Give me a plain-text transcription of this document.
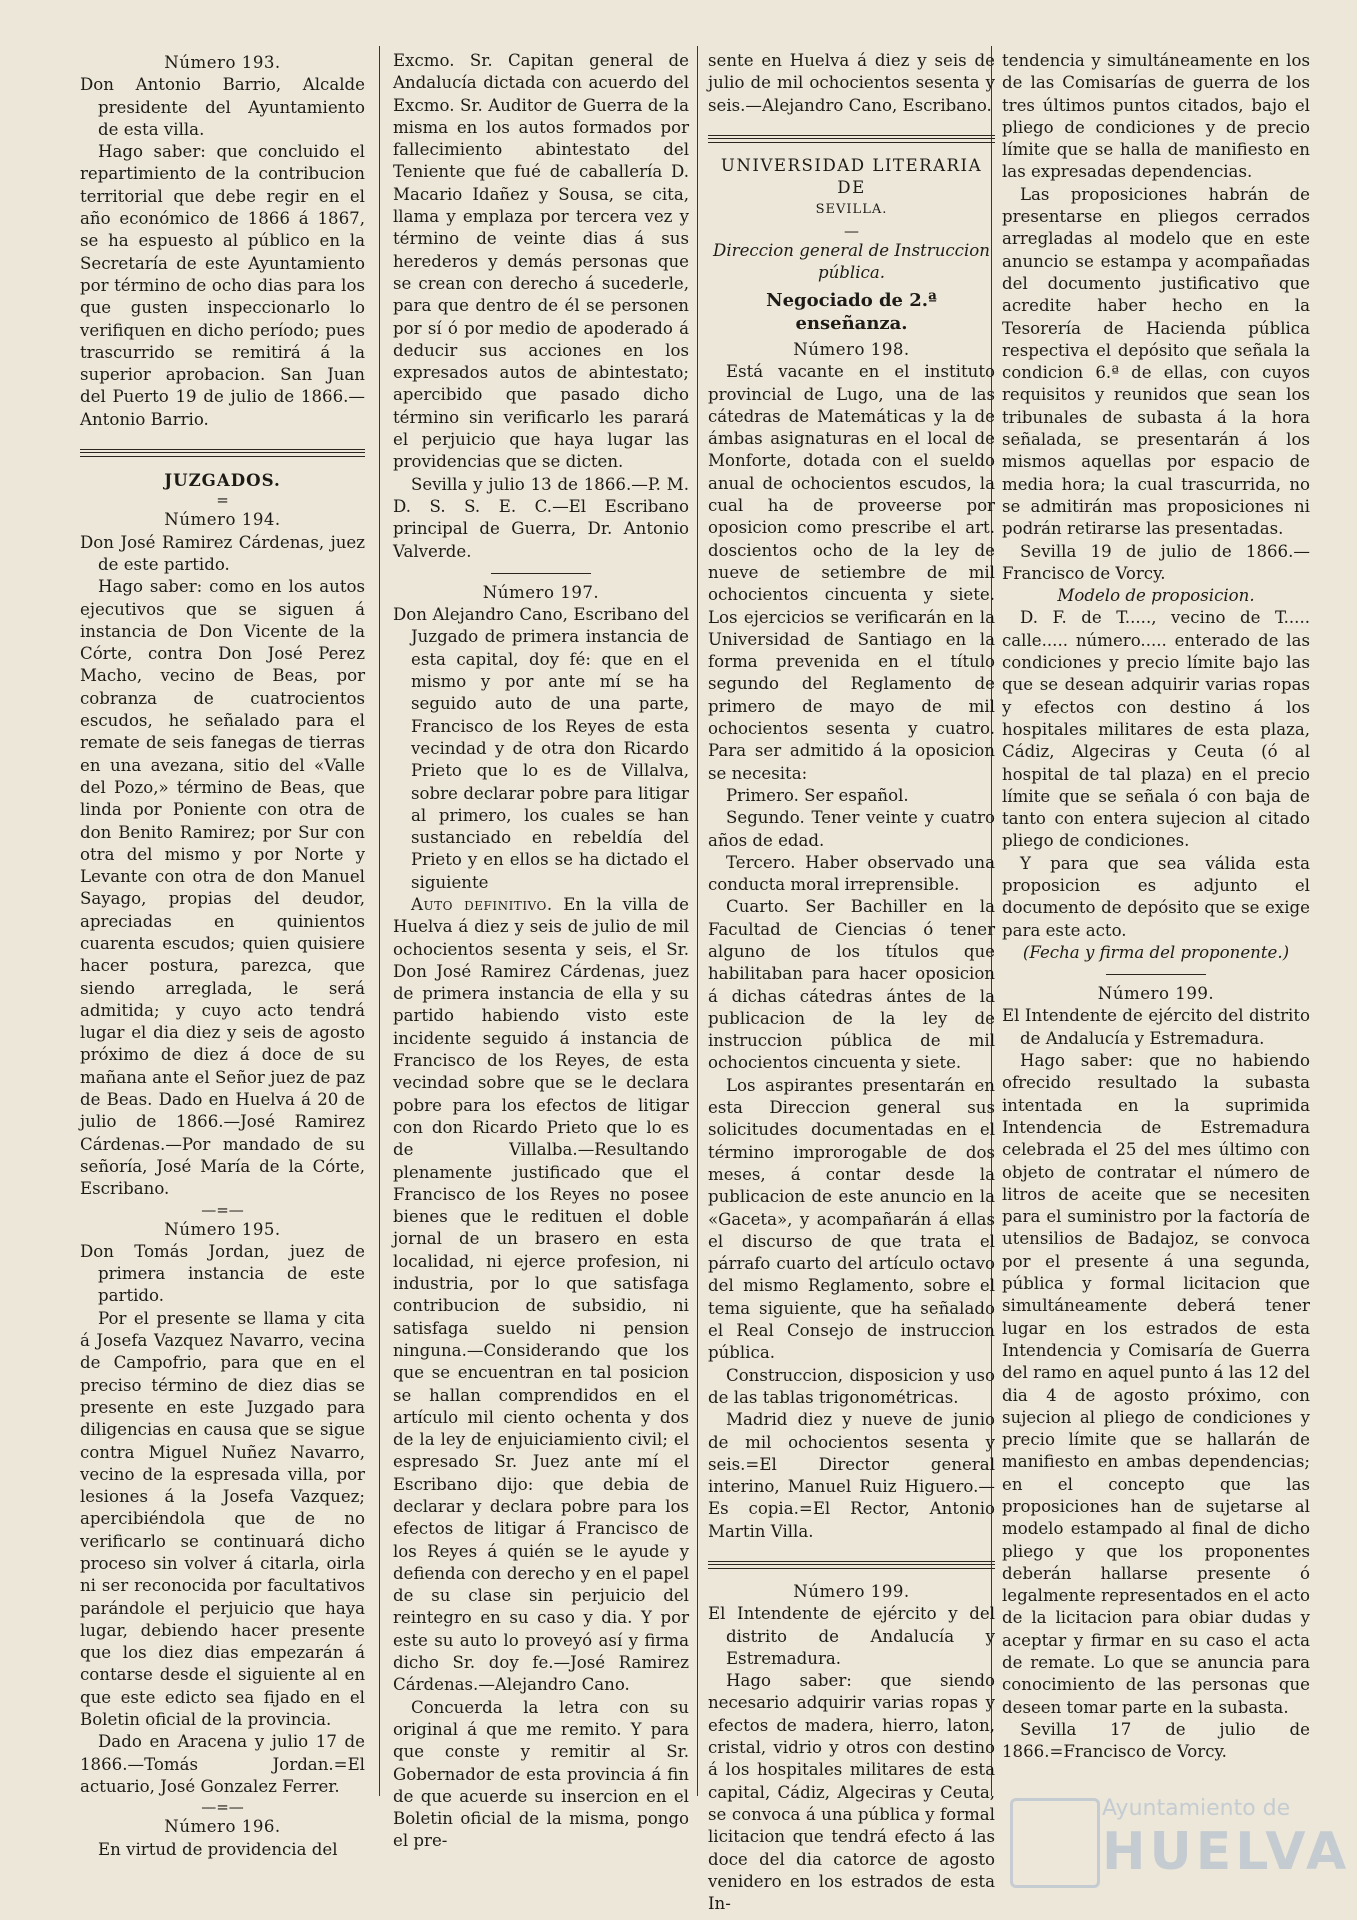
Número 193.
Don Antonio Barrio, Alcalde presidente del Ayuntamiento de esta villa.

Hago saber: que concluido el repartimiento de la contribucion territorial que debe regir en el año económico de 1866 á 1867, se ha espuesto al público en la Secretaría de este Ayuntamiento por término de ocho dias para los que gusten inspeccionarlo lo verifiquen en dicho período; pues trascurrido se remitirá á la superior aprobacion. San Juan del Puerto 19 de julio de 1866.—Antonio Barrio.

JUZGADOS.
=
Número 194.
Don José Ramirez Cárdenas, juez de este partido.

Hago saber: como en los autos ejecutivos que se siguen á instancia de Don Vicente de la Córte, contra Don José Perez Macho, vecino de Beas, por cobranza de cuatrocientos escudos, he señalado para el remate de seis fanegas de tierras en una avezana, sitio del «Valle del Pozo,» término de Beas, que linda por Poniente con otra de don Benito Ramirez; por Sur con otra del mismo y por Norte y Levante con otra de don Manuel Sayago, propias del deudor, apreciadas en quinientos cuarenta escudos; quien quisiere hacer postura, parezca, que siendo arreglada, le será admitida; y cuyo acto tendrá lugar el dia diez y seis de agosto próximo de diez á doce de su mañana ante el Señor juez de paz de Beas. Dado en Huelva á 20 de julio de 1866.—José Ramirez Cárdenas.—Por mandado de su señoría, José María de la Córte, Escribano.

—=—
Número 195.
Don Tomás Jordan, juez de primera instancia de este partido.

Por el presente se llama y cita á Josefa Vazquez Navarro, vecina de Campofrio, para que en el preciso término de diez dias se presente en este Juzgado para diligencias en causa que se sigue contra Miguel Nuñez Navarro, vecino de la espresada villa, por lesiones á la Josefa Vazquez; apercibiéndola que de no verificarlo se continuará dicho proceso sin volver á citarla, oirla ni ser reconocida por facultativos parándole el perjuicio que haya lugar, debiendo hacer presente que los diez dias empezarán á contarse desde el siguiente al en que este edicto sea fijado en el Boletin oficial de la provincia.

Dado en Aracena y julio 17 de 1866.—Tomás Jordan.=El actuario, José Gonzalez Ferrer.

—=—
Número 196.

En virtud de providencia del

Excmo. Sr. Capitan general de Andalucía dictada con acuerdo del Excmo. Sr. Auditor de Guerra de la misma en los autos formados por fallecimiento abintestato del Teniente que fué de caballería D. Macario Idañez y Sousa, se cita, llama y emplaza por tercera vez y término de veinte dias á sus herederos y demás personas que se crean con derecho á sucederle, para que dentro de él se personen por sí ó por medio de apoderado á deducir sus acciones en los expresados autos de abintestato; apercibido que pasado dicho término sin verificarlo les parará el perjuicio que haya lugar las providencias que se dicten.

Sevilla y julio 13 de 1866.—P. M. D. S. S. E. C.—El Escribano principal de Guerra, Dr. Antonio Valverde.

Número 197.
Don Alejandro Cano, Escribano del Juzgado de primera instancia de esta capital, doy fé: que en el mismo y por ante mí se ha seguido auto de una parte, Francisco de los Reyes de esta vecindad y de otra don Ricardo Prieto que lo es de Villalva, sobre declarar pobre para litigar al primero, los cuales se han sustanciado en rebeldía del Prieto y en ellos se ha dictado el siguiente

Auto definitivo. En la villa de Huelva á diez y seis de julio de mil ochocientos sesenta y seis, el Sr. Don José Ramirez Cárdenas, juez de primera instancia de ella y su partido habiendo visto este incidente seguido á instancia de Francisco de los Reyes, de esta vecindad sobre que se le declara pobre para los efectos de litigar con don Ricardo Prieto que lo es de Villalba.—Resultando plenamente justificado que el Francisco de los Reyes no posee bienes que le redituen el doble jornal de un brasero en esta localidad, ni ejerce profesion, ni industria, por lo que satisfaga contribucion de subsidio, ni satisfaga sueldo ni pension ninguna.—Considerando que los que se encuentran en tal posicion se hallan comprendidos en el artículo mil ciento ochenta y dos de la ley de enjuiciamiento civil; el espresado Sr. Juez ante mí el Escribano dijo: que debia de declarar y declara pobre para los efectos de litigar á Francisco de los Reyes á quién se le ayude y defienda con derecho y en el papel de su clase sin perjuicio del reintegro en su caso y dia. Y por este su auto lo proveyó así y firma dicho Sr. doy fe.—José Ramirez Cárdenas.—Alejandro Cano.

Concuerda la letra con su original á que me remito. Y para que conste y remitir al Sr. Gobernador de esta provincia á fin de que acuerde su insercion en el Boletin oficial de la misma, pongo el pre-

sente en Huelva á diez y seis de julio de mil ochocientos sesenta y seis.—Alejandro Cano, Escribano.

UNIVERSIDAD LITERARIA DE
SEVILLA.
—
Direccion general de Instruccion pública.
Negociado de 2.ª enseñanza.
Número 198.

Está vacante en el instituto provincial de Lugo, una de las cátedras de Matemáticas y la de ámbas asignaturas en el local de Monforte, dotada con el sueldo anual de ochocientos escudos, la cual ha de proveerse por oposicion como prescribe el art. doscientos ocho de la ley de nueve de setiembre de mil ochocientos cincuenta y siete. Los ejercicios se verificarán en la Universidad de Santiago en la forma prevenida en el título segundo del Reglamento de primero de mayo de mil ochocientos sesenta y cuatro. Para ser admitido á la oposicion se necesita:

Primero. Ser español.

Segundo. Tener veinte y cuatro años de edad.

Tercero. Haber observado una conducta moral irreprensible.

Cuarto. Ser Bachiller en la Facultad de Ciencias ó tener alguno de los títulos que habilitaban para hacer oposicion á dichas cátedras ántes de la publicacion de la ley de instruccion pública de mil ochocientos cincuenta y siete.

Los aspirantes presentarán en esta Direccion general sus solicitudes documentadas en el término improrogable de dos meses, á contar desde la publicacion de este anuncio en la «Gaceta», y acompañarán á ellas el discurso de que trata el párrafo cuarto del artículo octavo del mismo Reglamento, sobre el tema siguiente, que ha señalado el Real Consejo de instruccion pública.

Construccion, disposicion y uso de las tablas trigonométricas.

Madrid diez y nueve de junio de mil ochocientos sesenta y seis.=El Director general interino, Manuel Ruiz Higuero.—Es copia.=El Rector, Antonio Martin Villa.

Número 199.
El Intendente de ejército y del distrito de Andalucía y Estremadura.

Hago saber: que siendo necesario adquirir varias ropas y efectos de madera, hierro, laton, cristal, vidrio y otros con destino á los hospitales militares de esta capital, Cádiz, Algeciras y Ceuta, se convoca á una pública y formal licitacion que tendrá efecto á las doce del dia catorce de agosto venidero en los estrados de esta In-

tendencia y simultáneamente en los de las Comisarías de guerra de los tres últimos puntos citados, bajo el pliego de condiciones y de precio límite que se halla de manifiesto en las expresadas dependencias.

Las proposiciones habrán de presentarse en pliegos cerrados arregladas al modelo que en este anuncio se estampa y acompañadas del documento justificativo que acredite haber hecho en la Tesorería de Hacienda pública respectiva el depósito que señala la condicion 6.ª de ellas, con cuyos requisitos y reunidos que sean los tribunales de subasta á la hora señalada, se presentarán á los mismos aquellas por espacio de media hora; la cual trascurrida, no se admitirán mas proposiciones ni podrán retirarse las presentadas.

Sevilla 19 de julio de 1866.—Francisco de Vorcy.

Modelo de proposicion.

D. F. de T....., vecino de T..... calle..... número..... enterado de las condiciones y precio límite bajo las que se desean adquirir varias ropas y efectos con destino á los hospitales militares de esta plaza, Cádiz, Algeciras y Ceuta (ó al hospital de tal plaza) en el precio límite que se señala ó con baja de tanto con entera sujecion al citado pliego de condiciones.

Y para que sea válida esta proposicion es adjunto el documento de depósito que se exige para este acto.

(Fecha y firma del proponente.)
Número 199.
El Intendente de ejército del distrito de Andalucía y Estremadura.

Hago saber: que no habiendo ofrecido resultado la subasta intentada en la suprimida Intendencia de Estremadura celebrada el 25 del mes último con objeto de contratar el número de litros de aceite que se necesiten para el suministro por la factoría de utensilios de Badajoz, se convoca por el presente á una segunda, pública y formal licitacion que simultáneamente deberá tener lugar en los estrados de esta Intendencia y Comisaría de Guerra del ramo en aquel punto á las 12 del dia 4 de agosto próximo, con sujecion al pliego de condiciones y precio límite que se hallarán de manifiesto en ambas dependencias; en el concepto que las proposiciones han de sujetarse al modelo estampado al final de dicho pliego y que los proponentes deberán hallarse presente ó legalmente representados en el acto de la licitacion para obiar dudas y aceptar y firmar en su caso el acta de remate. Lo que se anuncia para conocimiento de las personas que deseen tomar parte en la subasta.

Sevilla 17 de julio de 1866.=Francisco de Vorcy.

Ayuntamiento de
HUELVA
